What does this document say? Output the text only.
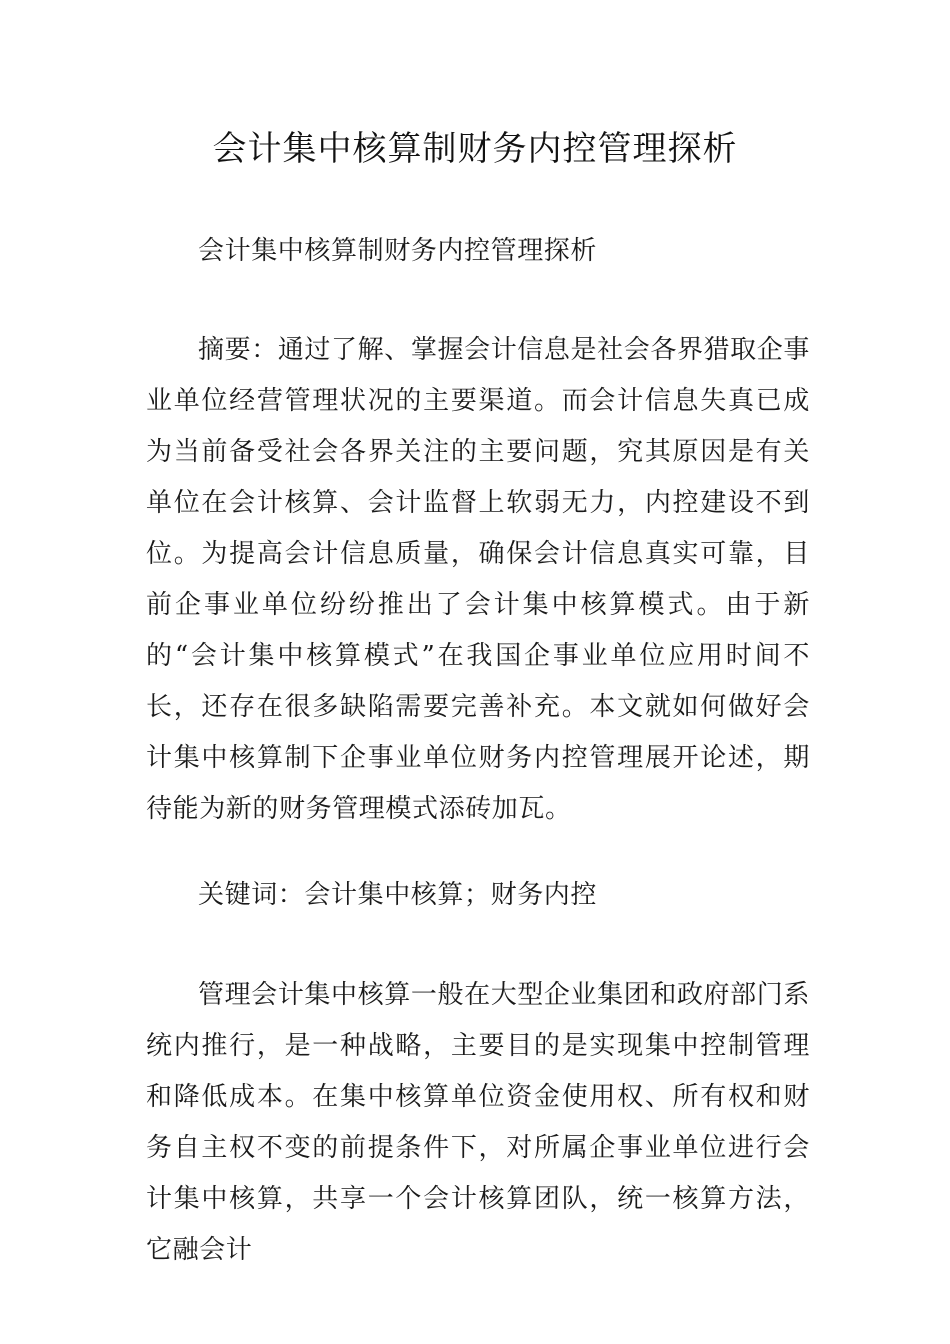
会计集中核算制财务内控管理探析

会计集中核算制财务内控管理探析

摘要：通过了解、掌握会计信息是社会各界猎取企事业单位经营管理状况的主要渠道。而会计信息失真已成为当前备受社会各界关注的主要问题，究其原因是有关单位在会计核算、会计监督上软弱无力，内控建设不到位。为提高会计信息质量，确保会计信息真实可靠，目前企事业单位纷纷推出了会计集中核算模式。由于新的“会计集中核算模式”在我国企事业单位应用时间不长，还存在很多缺陷需要完善补充。本文就如何做好会计集中核算制下企事业单位财务内控管理展开论述，期待能为新的财务管理模式添砖加瓦。

关键词：会计集中核算；财务内控

管理会计集中核算一般在大型企业集团和政府部门系统内推行，是一种战略，主要目的是实现集中控制管理和降低成本。在集中核算单位资金使用权、所有权和财务自主权不变的前提条件下，对所属企事业单位进行会计集中核算，共享一个会计核算团队，统一核算方法，它融会计
